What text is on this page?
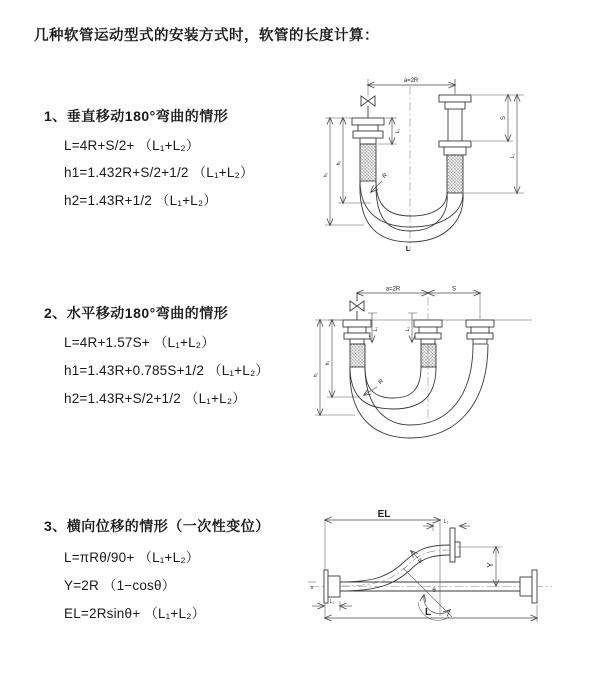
几种软管运动型式的安装方式时，软管的长度计算：
1、垂直移动180°弯曲的情形
L=4R+S/2+ （L₁+L₂）
h1=1.432R+S/2+1/2 （L₁+L₂）
h2=1.43R+1/2 （L₁+L₂）
2、水平移动180°弯曲的情形
L=4R+1.57S+ （L₁+L₂）
h1=1.43R+0.785S+1/2 （L₁+L₂）
h2=1.43R+S/2+1/2 （L₁+L₂）
3、横向位移的情形（一次性变位）
L=πRθ/90+ （L₁+L₂）
Y=2R （1−cosθ）
EL=2Rsinθ+ （L₁+L₂）
a=2R
L₁
S
L₂
h₂
h₁	R
L
a=2R	S
L₁	L₂
h₂
h₁
R
EL
L₂
Y
θ
R
L₁
L
x
